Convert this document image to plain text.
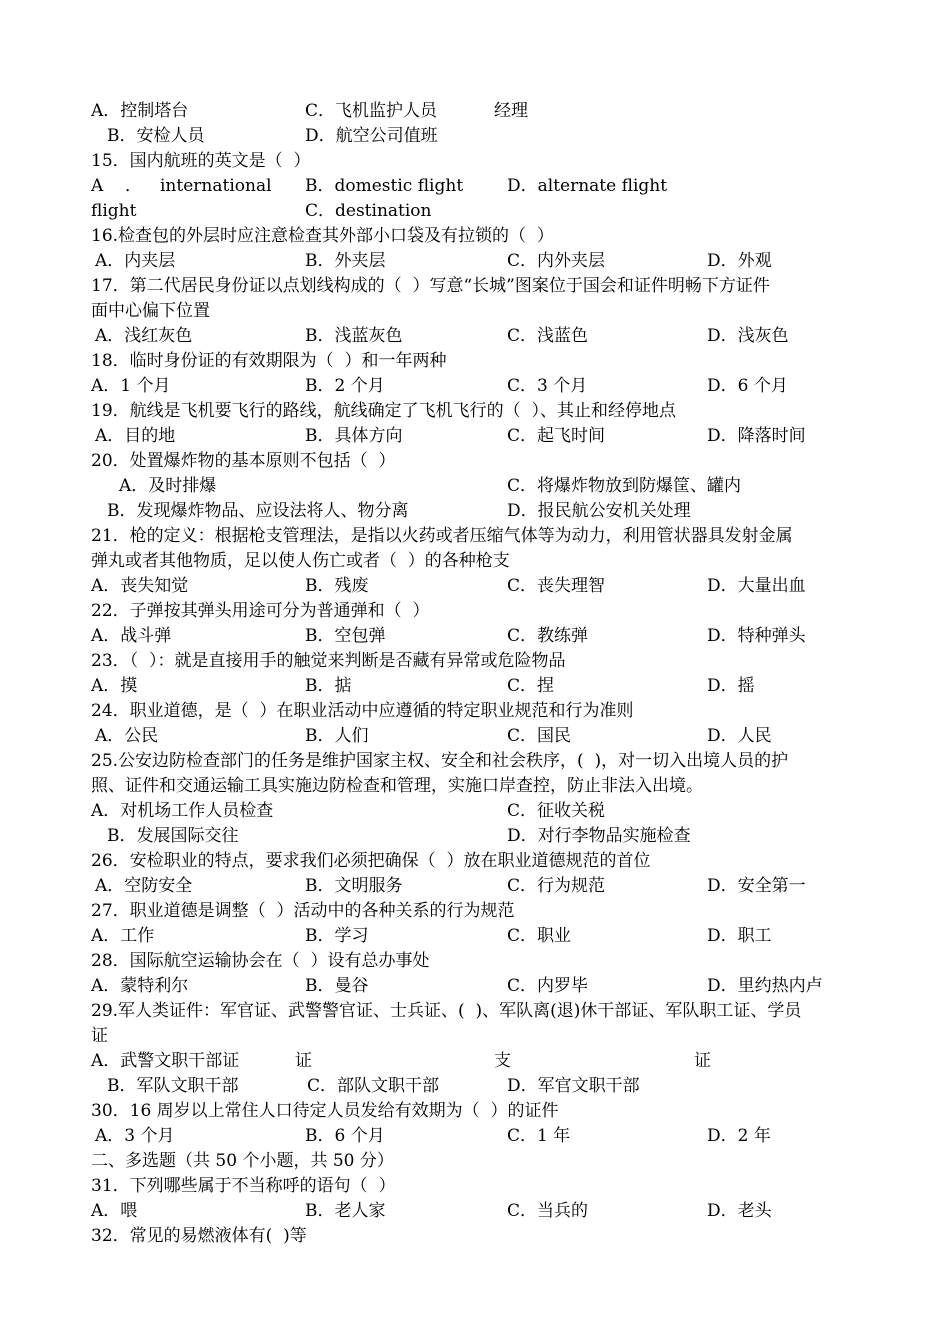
A．控制塔台	C．飞机监护人员	经理
B．安检人员	D．航空公司值班
15．国内航班的英文是（  ）
A ． international B．domestic flight	D．alternate flight
flight	C．destination
16.检查包的外层时应注意检查其外部小口袋及有拉锁的（  ）
A．内夹层	B．外夹层	C．内外夹层	D．外观
17．第二代居民身份证以点划线构成的（  ）写意“长城”图案位于国会和证件明畅下方证件
面中心偏下位置
A．浅红灰色	B．浅蓝灰色	C．浅蓝色	D．浅灰色
18．临时身份证的有效期限为（  ）和一年两种
A．1 个月	B．2 个月	C．3 个月	D．6 个月
19．航线是飞机要飞行的路线，航线确定了飞机飞行的（  ）、其止和经停地点
A．目的地	B．具体方向	C．起飞时间	D．降落时间
20．处置爆炸物的基本原则不包括（  ）
A．及时排爆	C．将爆炸物放到防爆筐、罐内
B．发现爆炸物品、应设法将人、物分离	D．报民航公安机关处理
21．枪的定义：根据枪支管理法，是指以火药或者压缩气体等为动力，利用管状器具发射金属
弹丸或者其他物质，足以使人伤亡或者（  ）的各种枪支
A．丧失知觉	B．残废	C．丧失理智	D．大量出血
22．子弹按其弹头用途可分为普通弹和（  ）
A．战斗弹	B．空包弹	C．教练弹	D．特种弹头
23．（  ）：就是直接用手的触觉来判断是否藏有异常或危险物品
A．摸	B．掂	C．捏	D．摇
24．职业道德，是（  ）在职业活动中应遵循的特定职业规范和行为准则
A．公民	B．人们	C．国民	D．人民
25.公安边防检查部门的任务是维护国家主权、安全和社会秩序，(  )，对一切入出境人员的护
照、证件和交通运输工具实施边防检查和管理，实施口岸查控，防止非法入出境。
A．对机场工作人员检查	C．征收关税
B．发展国际交往	D．对行李物品实施检查
26．安检职业的特点，要求我们必须把确保（  ）放在职业道德规范的首位
A．空防安全	B．文明服务	C．行为规范	D．安全第一
27．职业道德是调整（  ）活动中的各种关系的行为规范
A．工作	B．学习	C．职业	D．职工
28．国际航空运输协会在（  ）设有总办事处
A．蒙特利尔	B．曼谷	C．内罗毕	D．里约热内卢
29.军人类证件：军官证、武警警官证、士兵证、(  )、军队离(退)休干部证、军队职工证、学员
证
A．武警文职干部证	证	支	证
B．军队文职干部	C．部队文职干部	D．军官文职干部
30．16 周岁以上常住人口待定人员发给有效期为（  ）的证件
A．3 个月	B．6 个月	C．1 年	D．2 年
二、多选题（共 50 个小题，共 50 分）
31．下列哪些属于不当称呼的语句（  ）
A．喂	B．老人家	C．当兵的	D．老头
32．常见的易燃液体有(  )等
